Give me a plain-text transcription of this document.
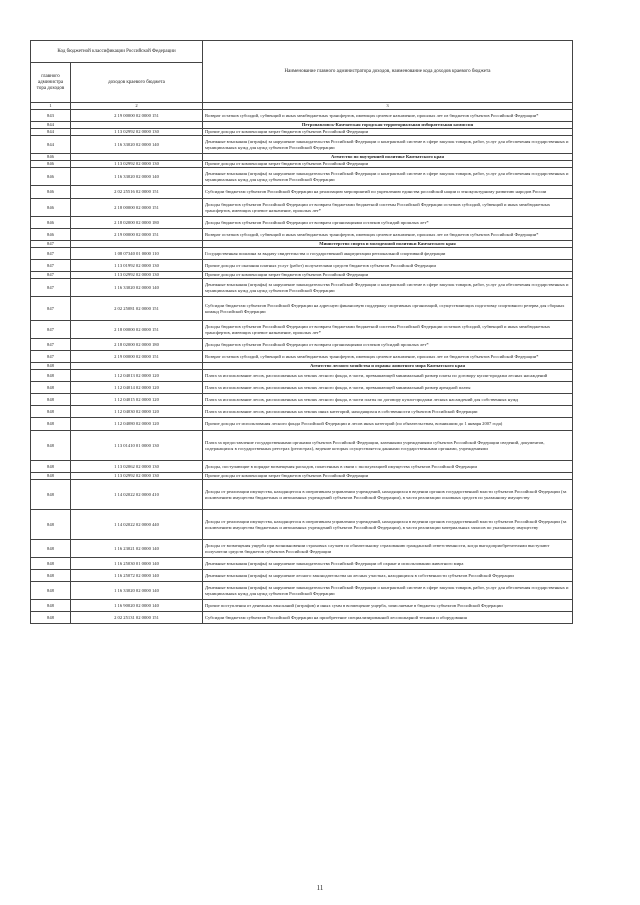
Код бюджетной классификации Российской Федерации		Наименование главного администратора доходов, наименование кода доходов краевого бюджета
главного администра тора доходов	доходов краевого бюджета	
1	2	3
843	2 19 00000 02 0000 151	Возврат остатков субсидий, субвенций и иных межбюджетных трансфертов, имеющих целевое назначение, прошлых лет из бюджетов субъектов Российской Федерации*
844		Петропавловск-Камчатская городская территориальная избирательная комиссия
844	1 13 02992 02 0000 130	Прочие доходы от компенсации затрат бюджетов субъектов Российской Федерации
844	1 16 33020 02 0000 140	Денежные взыскания (штрафы) за нарушение законодательства Российской Федерации о контрактной системе в сфере закупок товаров, работ, услуг для обеспечения государственных и муниципальных нужд для нужд субъектов Российской Федерации
846		Агентство по внутренней политике Камчатского края
846	1 13 02992 02 0000 130	Прочие доходы от компенсации затрат бюджетов субъектов Российской Федерации
846	1 16 33020 02 0000 140	Денежные взыскания (штрафы) за нарушение законодательства Российской Федерации о контрактной системе в сфере закупок товаров, работ, услуг для обеспечения государственных и муниципальных нужд для нужд субъектов Российской Федерации
846	2 02 25516 02 0000 151	Субсидии бюджетам субъектов Российской Федерации на реализацию мероприятий по укреплению единства российской нации и этнокультурному развитию народов России
846	2 18 00000 02 0000 151	Доходы бюджетов субъектов Российской Федерации от возврата бюджетами бюджетной системы Российской Федерации остатков субсидий, субвенций и иных межбюджетных трансфертов, имеющих целевое назначение, прошлых лет*
846	2 18 02000 02 0000 180	Доходы бюджетов субъектов Российской Федерации от возврата организациями остатков субсидий прошлых лет*
846	2 19 00000 02 0000 151	Возврат остатков субсидий, субвенций и иных межбюджетных трансфертов, имеющих целевое назначение, прошлых лет из бюджетов субъектов Российской Федерации*
847		Министерство спорта и молодежной политики Камчатского края
847	1 08 07340 01 0000 110	Государственная пошлина за выдачу свидетельства о государственной аккредитации региональной спортивной федерации
847	1 13 01992 02 0000 130	Прочие доходы от оказания платных услуг (работ) получателями средств бюджетов субъектов Российской Федерации
847	1 13 02992 02 0000 130	Прочие доходы от компенсации затрат бюджетов субъектов Российской Федерации
847	1 16 33020 02 0000 140	Денежные взыскания (штрафы) за нарушение законодательства Российской Федерации о контрактной системе в сфере закупок товаров, работ, услуг для обеспечения государственных и муниципальных нужд для нужд субъектов Российской Федерации
847	2 02 25081 02 0000 151	Субсидии бюджетам субъектов Российской Федерации на адресную финансовую поддержку спортивных организаций, осуществляющих подготовку спортивного резерва для сборных команд Российской Федерации
847	2 18 00000 02 0000 151	Доходы бюджетов субъектов Российской Федерации от возврата бюджетами бюджетной системы Российской Федерации остатков субсидий, субвенций и иных межбюджетных трансфертов, имеющих целевое назначение, прошлых лет*
847	2 18 02000 02 0000 180	Доходы бюджетов субъектов Российской Федерации от возврата организациями остатков субсидий прошлых лет*
847	2 19 00000 02 0000 151	Возврат остатков субсидий, субвенций и иных межбюджетных трансфертов, имеющих целевое назначение, прошлых лет из бюджетов субъектов Российской Федерации*
848		Агентство лесного хозяйства и охраны животного мира Камчатского края
848	1 12 04013 02 0000 120	Плата за использование лесов, расположенных на землях лесного фонда, в части, превышающей минимальный размер платы по договору купли-продажи лесных насаждений
848	1 12 04014 02 0000 120	Плата за использование лесов, расположенных на землях лесного фонда, в части, превышающей минимальный размер арендной платы
848	1 12 04015 02 0000 120	Плата за использование лесов, расположенных на землях лесного фонда, в части платы по договору купли-продажи лесных насаждений для собственных нужд
848	1 12 04030 02 0000 120	Плата за использование лесов, расположенных на землях иных категорий, находящихся в собственности субъектов Российской Федерации
848	1 12 04080 02 0000 120	Прочие доходы от использования лесного фонда Российской Федерации и лесов иных категорий (по обязательствам, возникшим до 1 января 2007 года)
848	1 13 01410 01 0000 130	Плата за предоставление государственными органами субъектов Российской Федерации, казенными учреждениями субъектов Российской Федерации сведений, документов, содержащихся в государственных реестрах (регистрах), ведение которых осуществляется данными государственными органами, учреждениями
848	1 13 02062 02 0000 130	Доходы, поступающие в порядке возмещения расходов, понесенных в связи с эксплуатацией имущества субъектов Российской Федерации
848	1 13 02992 02 0000 130	Прочие доходы от компенсации затрат бюджетов субъектов Российской Федерации
848	1 14 02022 02 0000 410	Доходы от реализации имущества, находящегося в оперативном управлении учреждений, находящихся в ведении органов государственной власти субъектов Российской Федерации (за исключением имущества бюджетных и автономных учреждений субъектов Российской Федерации), в части реализации основных средств по указанному имуществу
848	1 14 02022 02 0000 440	Доходы от реализации имущества, находящегося в оперативном управлении учреждений, находящихся в ведении органов государственной власти субъектов Российской Федерации (за исключением имущества бюджетных и автономных учреждений субъектов Российской Федерации), в части реализации материальных запасов по указанному имуществу
848	1 16 23021 02 0000 140	Доходы от возмещения ущерба при возникновении страховых случаев по обязательному страхованию гражданской ответственности, когда выгодоприобретателями выступают получатели средств бюджетов субъектов Российской Федерации
848	1 16 25030 01 0000 140	Денежные взыскания (штрафы) за нарушение законодательства Российской Федерации об охране и использовании животного мира
848	1 16 25072 02 0000 140	Денежные взыскания (штрафы) за нарушение лесного законодательства на лесных участках, находящихся в собственности субъектов Российской Федерации
848	1 16 33020 02 0000 140	Денежные взыскания (штрафы) за нарушение законодательства Российской Федерации о контрактной системе в сфере закупок товаров, работ, услуг для обеспечения государственных и муниципальных нужд для нужд субъектов Российской Федерации
848	1 16 90020 02 0000 140	Прочие поступления от денежных взысканий (штрафов) и иных сумм в возмещение ущерба, зачисляемые в бюджеты субъектов Российской Федерации
848	2 02 25131 02 0000 151	Субсидии бюджетам субъектов Российской Федерации на приобретение специализированной лесопожарной техники и оборудования
11
